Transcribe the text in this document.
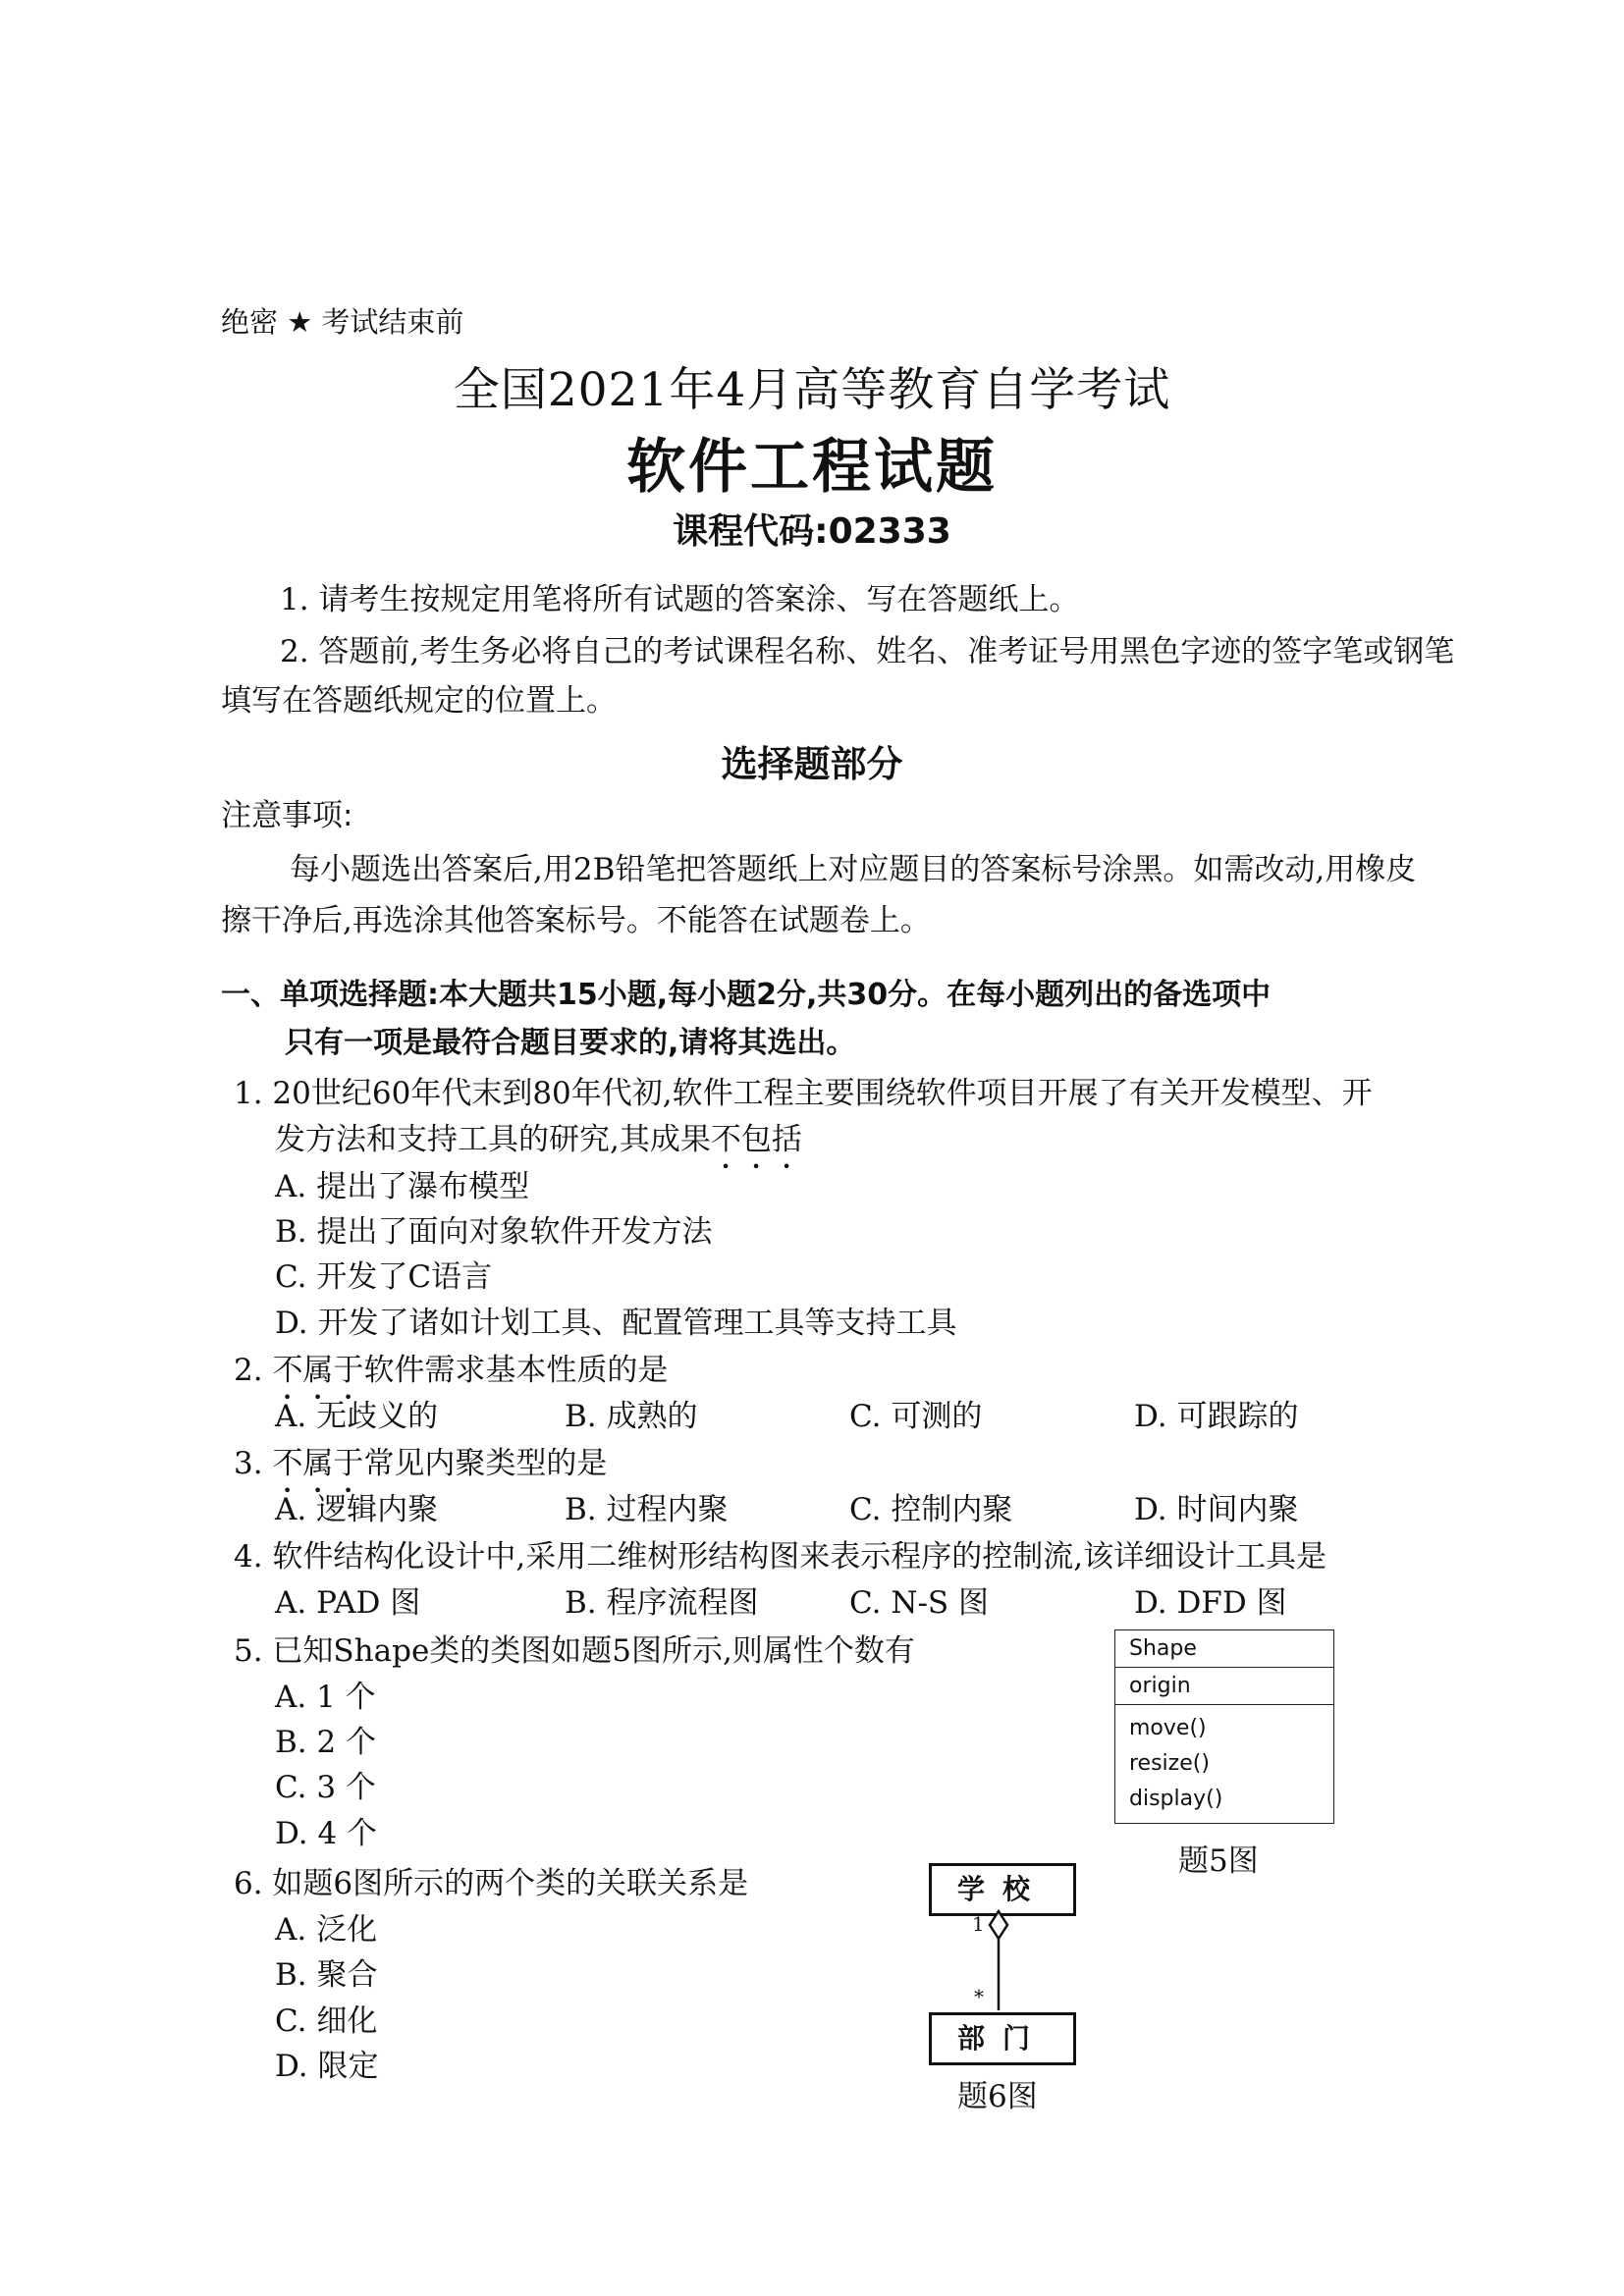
绝密 ★ 考试结束前
全国2021年4月高等教育自学考试
软件工程试题
课程代码:02333
1. 请考生按规定用笔将所有试题的答案涂、写在答题纸上。
2. 答题前,考生务必将自己的考试课程名称、姓名、准考证号用黑色字迹的签字笔或钢笔
填写在答题纸规定的位置上。
选择题部分
注意事项:
每小题选出答案后,用2B铅笔把答题纸上对应题目的答案标号涂黑。如需改动,用橡皮
擦干净后,再选涂其他答案标号。不能答在试题卷上。
一、单项选择题:本大题共15小题,每小题2分,共30分。在每小题列出的备选项中
只有一项是最符合题目要求的,请将其选出。
1. 20世纪60年代末到80年代初,软件工程主要围绕软件项目开展了有关开发模型、开
发方法和支持工具的研究,其成果不包括
A. 提出了瀑布模型
B. 提出了面向对象软件开发方法
C. 开发了C语言
D. 开发了诸如计划工具、配置管理工具等支持工具
2. 不属于软件需求基本性质的是
A. 无歧义的	B. 成熟的	C. 可测的	D. 可跟踪的
3. 不属于常见内聚类型的是
A. 逻辑内聚	B. 过程内聚	C. 控制内聚	D. 时间内聚
4. 软件结构化设计中,采用二维树形结构图来表示程序的控制流,该详细设计工具是
A. PAD 图	B. 程序流程图	C. N-S 图	D. DFD 图
5. 已知Shape类的类图如题5图所示,则属性个数有
A. 1 个
B. 2 个
C. 3 个
D. 4 个
Shape
origin
move()
resize()
display()
题5图
6. 如题6图所示的两个类的关联关系是
A. 泛化
B. 聚合
C. 细化
D. 限定
学校
1
*
部门
题6图
